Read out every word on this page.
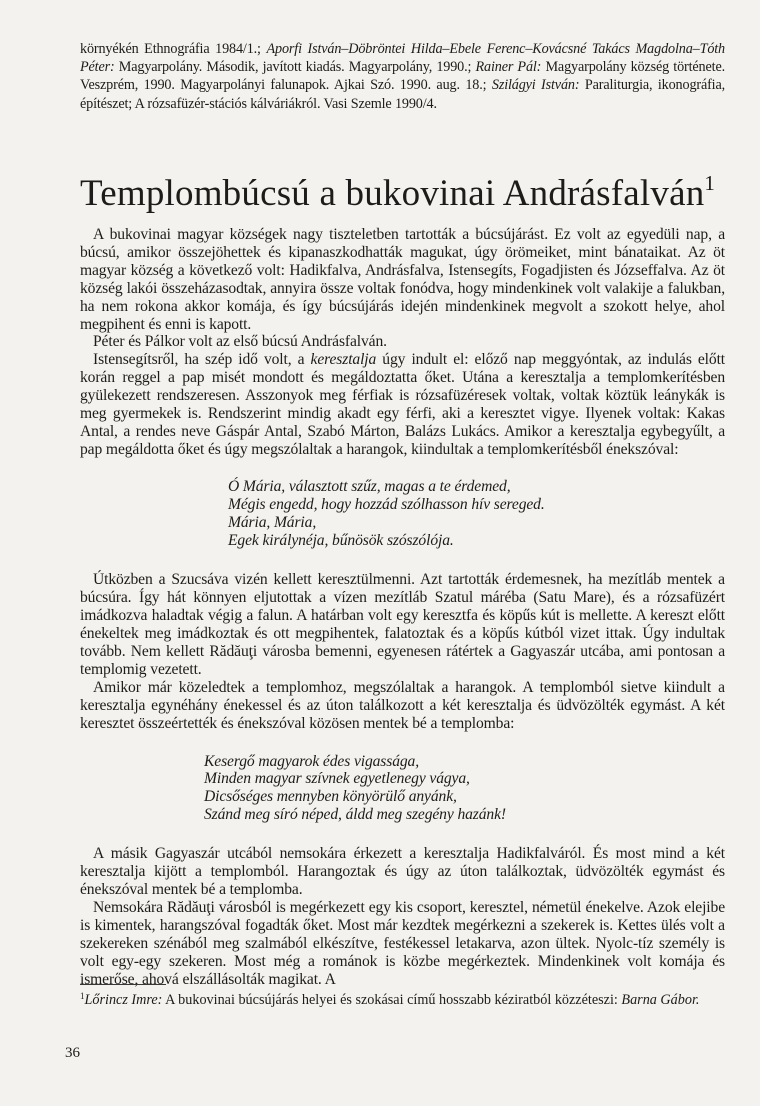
környékén Ethnográfia 1984/1.; Aporfi István–Döbröntei Hilda–Ebele Ferenc–Kovácsné Takács Magdolna–Tóth Péter: Magyarpolány. Második, javított kiadás. Magyarpolány, 1990.; Rainer Pál: Magyarpolány község története. Veszprém, 1990. Magyarpolányi falunapok. Ajkai Szó. 1990. aug. 18.; Szilágyi István: Paraliturgia, ikonográfia, építészet; A rózsafüzér-stációs kálváriákról. Vasi Szemle 1990/4.
Templombúcsú a bukovinai Andrásfalván$^1$

A bukovinai magyar községek nagy tiszteletben tartották a búcsújárást. Ez volt az egyedüli nap, a búcsú, amikor összejöhettek és kipanaszkodhatták magukat, úgy örömeiket, mint bánataikat. Az öt magyar község a következő volt: Hadikfalva, Andrásfalva, Istensegíts, Fogadjisten és Józseffalva. Az öt község lakói összeházasodtak, annyira össze voltak fonódva, hogy mindenkinek volt valakije a falukban, ha nem rokona akkor komája, és így búcsújárás idején mindenkinek megvolt a szokott helye, ahol megpihent és enni is kapott.

Péter és Pálkor volt az első búcsú Andrásfalván.

Istensegítsről, ha szép idő volt, a keresztalja úgy indult el: előző nap meggyóntak, az indulás előtt korán reggel a pap misét mondott és megáldoztatta őket. Utána a keresztalja a templomkerítésben gyülekezett rendszeresen. Asszonyok meg férfiak is rózsafüzéresek voltak, voltak köztük leánykák is meg gyermekek is. Rendszerint mindig akadt egy férfi, aki a keresztet vigye. Ilyenek voltak: Kakas Antal, a rendes neve Gáspár Antal, Szabó Márton, Balázs Lukács. Amikor a keresztalja egybegyűlt, a pap megáldotta őket és úgy megszólaltak a harangok, kiindultak a templomkerítésből énekszóval:

Ó Mária, választott szűz, magas a te érdemed,
Mégis engedd, hogy hozzád szólhasson hív sereged.
Mária, Mária,
Egek királynéja, bűnösök szószólója.

Útközben a Szucsáva vizén kellett keresztülmenni. Azt tartották érdemesnek, ha mezítláb mentek a búcsúra. Így hát könnyen eljutottak a vízen mezítláb Szatul máréba (Satu Mare), és a rózsafüzért imádkozva haladtak végig a falun. A határban volt egy keresztfa és köpűs kút is mellette. A kereszt előtt énekeltek meg imádkoztak és ott megpihentek, falatoztak és a köpűs kútból vizet ittak. Úgy indultak tovább. Nem kellett Rădăuţi városba bemenni, egyenesen rátértek a Gagyaszár utcába, ami pontosan a templomig vezetett.

Amikor már közeledtek a templomhoz, megszólaltak a harangok. A templomból sietve kiindult a keresztalja egynéhány énekessel és az úton találkozott a két keresztalja és üdvözölték egymást. A két keresztet összeértették és énekszóval közösen mentek bé a templomba:

Kesergő magyarok édes vigassága,
Minden magyar szívnek egyetlenegy vágya,
Dicsőséges mennyben könyörülő anyánk,
Szánd meg síró néped, áldd meg szegény hazánk!

A másik Gagyaszár utcából nemsokára érkezett a keresztalja Hadikfalváról. És most mind a két keresztalja kijött a templomból. Harangoztak és úgy az úton találkoztak, üdvözölték egymást és énekszóval mentek bé a templomba.

Nemsokára Rădăuţi városból is megérkezett egy kis csoport, keresztel, németül énekelve. Azok elejibe is kimentek, harangszóval fogadták őket. Most már kezdtek megérkezni a szekerek is. Kettes ülés volt a szekereken szénából meg szalmából elkészítve, festékessel letakarva, azon ültek. Nyolc-tíz személy is volt egy-egy szekeren. Most még a románok is közbe megérkeztek. Mindenkinek volt komája és ismerőse, ahová elszállásolták magikat. A

$^1$Lőrincz Imre: A bukovinai búcsújárás helyei és szokásai című hosszabb kéziratból közzéteszi: Barna Gábor.
36
